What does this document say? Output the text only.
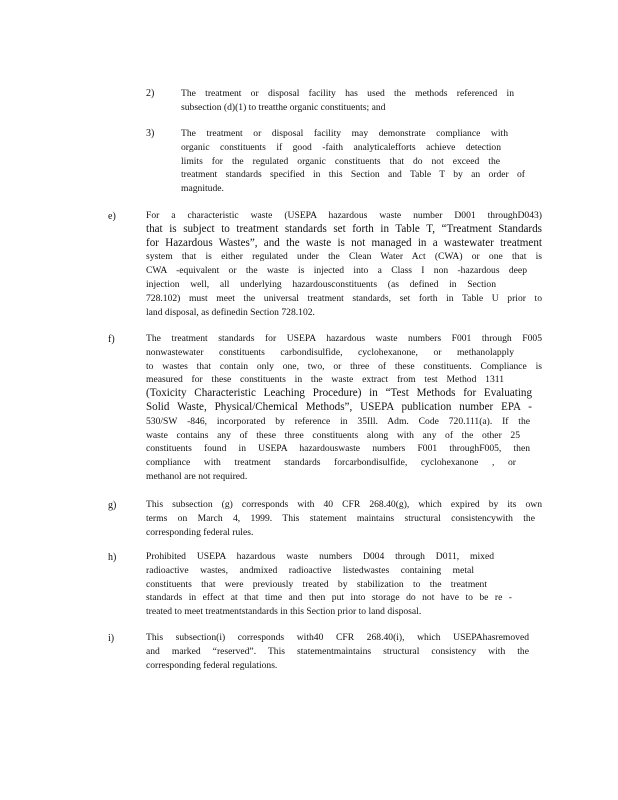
2)	The treatment or disposal facility has used the methods referenced in
subsection (d)(1) to treatthe organic constituents; and
3)	The treatment or disposal facility may demonstrate compliance with
organic constituents if good -faith analyticalefforts achieve detection
limits for the regulated organic constituents that do not exceed the
treatment standards specified in this Section and Table T by an order of
magnitude.
e)	For a characteristic waste (USEPA hazardous waste number D001 throughD043)
that is subject to treatment standards set forth in Table T, “Treatment Standards
for Hazardous Wastes”, and the waste is not managed in a wastewater treatment
system that is either regulated under the Clean Water Act (CWA) or one that is
CWA -equivalent or the waste is injected into a Class I non -hazardous deep
injection well, all underlying hazardousconstituents (as defined in Section
728.102) must meet the universal treatment standards, set forth in Table U prior to
land disposal, as definedin Section 728.102.
f)	The treatment standards for USEPA hazardous waste numbers F001 through F005
nonwastewater constituents carbondisulfide, cyclohexanone, or methanolapply
to wastes that contain only one, two, or three of these constituents. Compliance is
measured for these constituents in the waste extract from test Method 1311
(Toxicity Characteristic Leaching Procedure) in “Test Methods for Evaluating
Solid Waste, Physical/Chemical Methods”, USEPA publication number EPA -
530/SW -846, incorporated by reference in 35Ill. Adm. Code 720.111(a). If the
waste contains any of these three constituents along with any of the other 25
constituents found in USEPA hazardouswaste numbers F001 throughF005, then
compliance with treatment standards forcarbondisulfide, cyclohexanone , or
methanol are not required.
g)	This subsection (g) corresponds with 40 CFR 268.40(g), which expired by its own
terms on March 4, 1999. This statement maintains structural consistencywith the
corresponding federal rules.
h)	Prohibited USEPA hazardous waste numbers D004 through D011, mixed
radioactive wastes, andmixed radioactive listedwastes containing metal
constituents that were previously treated by stabilization to the treatment
standards in effect at that time and then put into storage do not have to be re -
treated to meet treatmentstandards in this Section prior to land disposal.
i)	This subsection(i) corresponds with40 CFR 268.40(i), which USEPAhasremoved
and marked “reserved”. This statementmaintains structural consistency with the
corresponding federal regulations.
